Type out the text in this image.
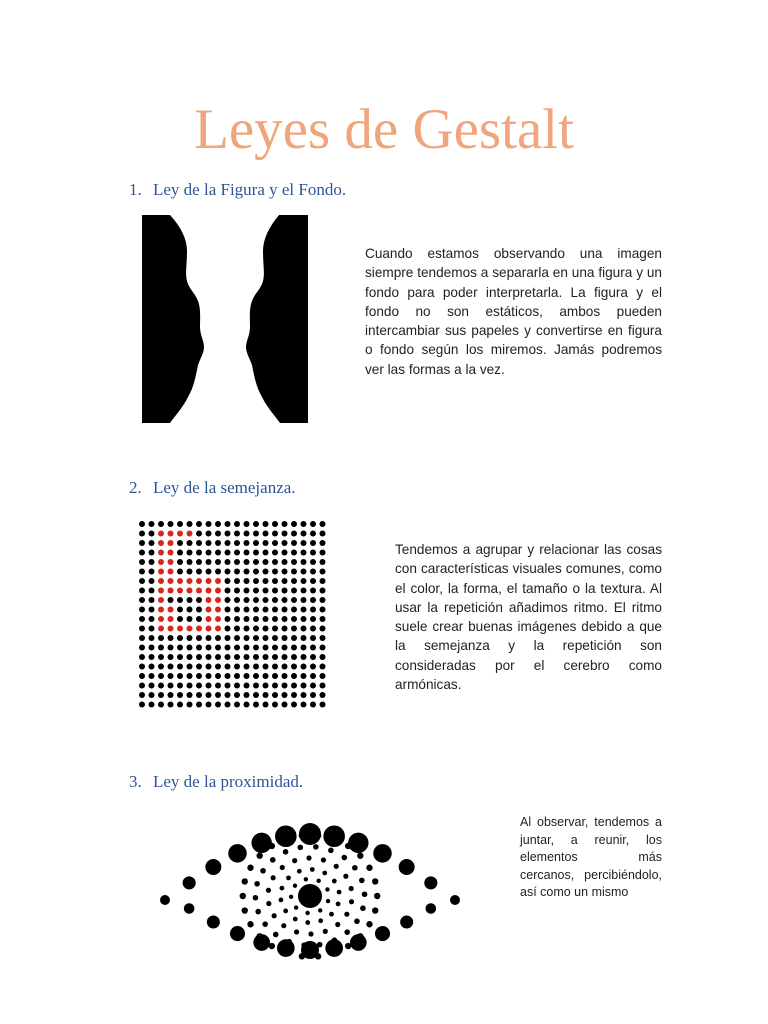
Leyes de Gestalt
1. Ley de la Figura y el Fondo.
Cuando estamos observando una imagen siempre tendemos a separarla en una figura y un fondo para poder interpretarla. La figura y el fondo no son estáticos, ambos pueden intercambiar sus papeles y convertirse en figura o fondo según los miremos. Jamás podremos ver las formas a la vez.
2. Ley de la semejanza.
Tendemos a agrupar y relacionar las cosas con características visuales comunes, como el color, la forma, el tamaño o la textura. Al usar la repetición añadimos ritmo. El ritmo suele crear buenas imágenes debido a que la semejanza y la repetición son consideradas por el cerebro como armónicas.
3. Ley de la proximidad.
Al observar, tendemos a juntar, a reunir, los elementos más cercanos, percibiéndolo, así como un mismo
